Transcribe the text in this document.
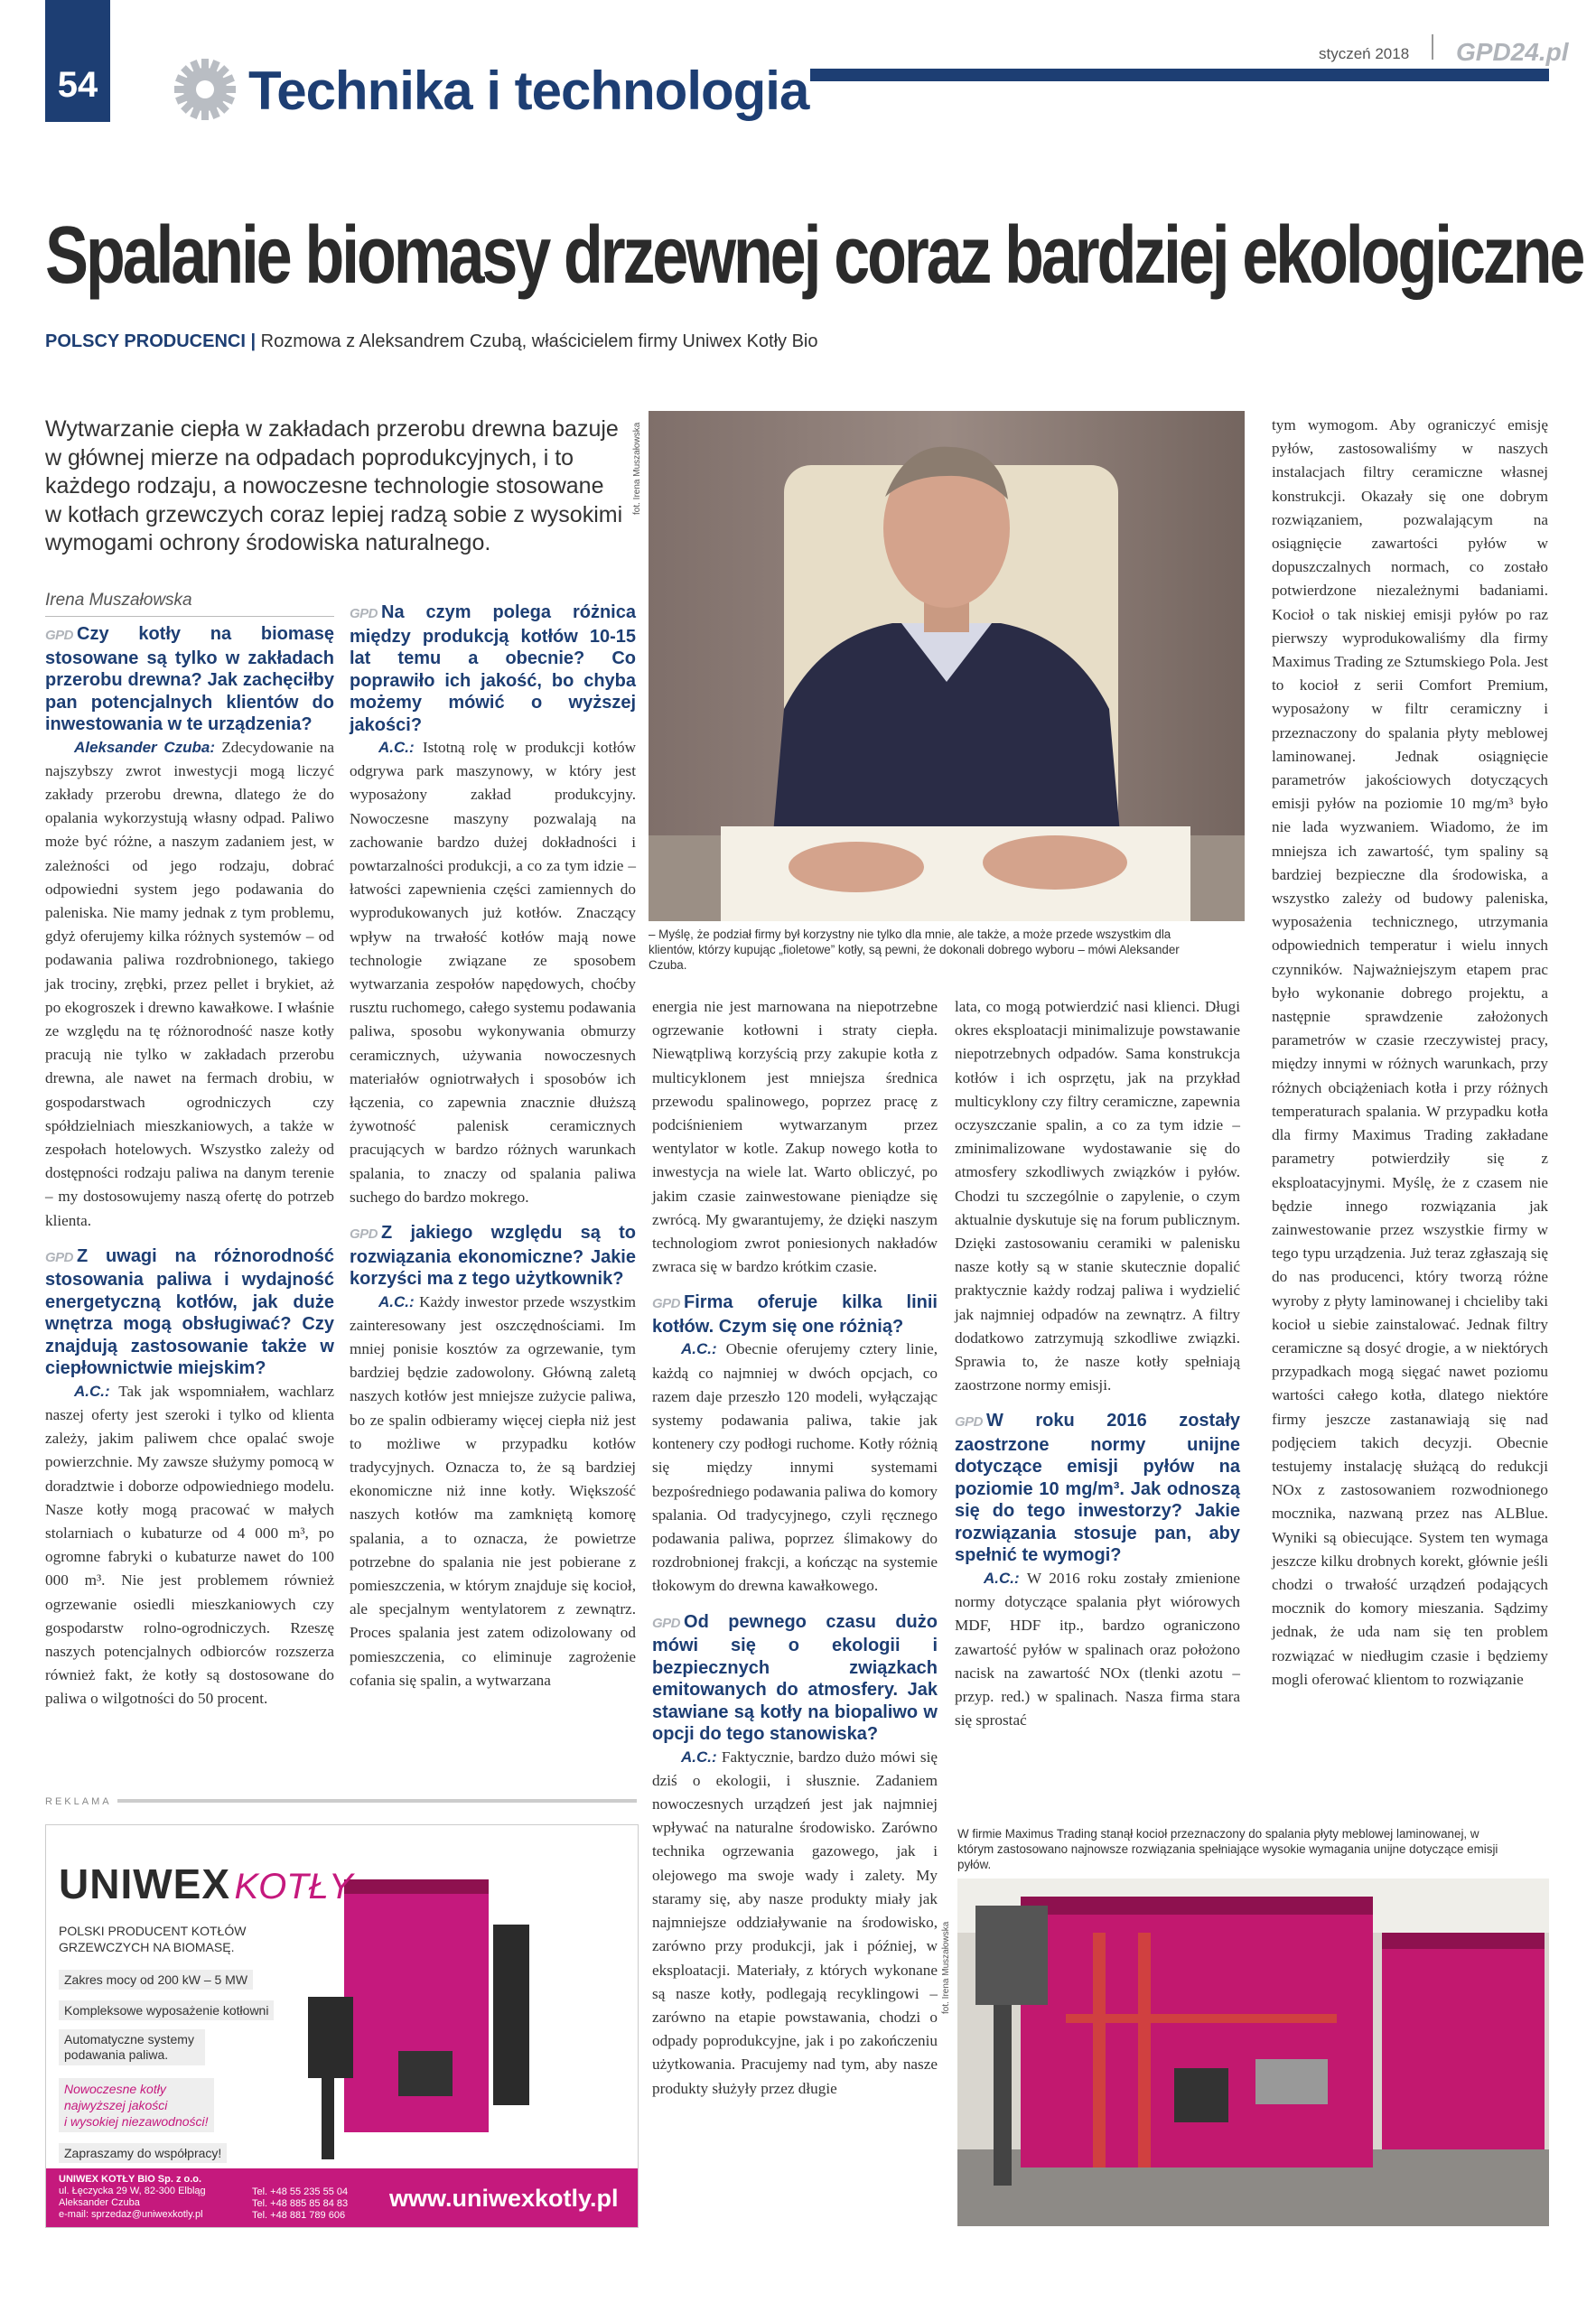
54	Technika i technologia
styczeń 2018 GPD24.pl
Spalanie biomasy drzewnej coraz bardziej ekologiczne
POLSCY PRODUCENCI | Rozmowa z Aleksandrem Czubą, właścicielem firmy Uniwex Kotły Bio
Wytwarzanie ciepła w zakładach przerobu drewna bazuje w głównej mierze na odpadach poprodukcyjnych, i to każdego rodzaju, a nowoczesne technologie stosowane w kotłach grzewczych coraz lepiej radzą sobie z wysokimi wymogami ochrony środowiska naturalnego.
Irena Muszałowska

GPD Czy kotły na biomasę stosowane są tylko w zakładach przerobu drewna? Jak zachęciłby pan potencjalnych klientów do inwestowania w te urządzenia?

Aleksander Czuba: Zdecydowanie na najszybszy zwrot inwestycji mogą liczyć zakłady przerobu drewna, dlatego że do opalania wykorzystują własny odpad. Paliwo może być różne, a naszym zadaniem jest, w zależności od jego rodzaju, dobrać odpowiedni system jego podawania do paleniska. Nie mamy jednak z tym problemu, gdyż oferujemy kilka różnych systemów – od podawania paliwa rozdrobnionego, takiego jak trociny, zrębki, przez pellet i brykiet, aż po ekogroszek i drewno kawałkowe. I właśnie ze względu na tę różnorodność nasze kotły pracują nie tylko w zakładach przerobu drewna, ale nawet na fermach drobiu, w gospodarstwach ogrodniczych czy spółdzielniach mieszkaniowych, a także w zespołach hotelowych. Wszystko zależy od dostępności rodzaju paliwa na danym terenie – my dostosowujemy naszą ofertę do potrzeb klienta.

GPD Z uwagi na różnorodność stosowania paliwa i wydajność energetyczną kotłów, jak duże wnętrza mogą obsługiwać? Czy znajdują zastosowanie także w ciepłownictwie miejskim?

A.C.: Tak jak wspomniałem, wachlarz naszej oferty jest szeroki i tylko od klienta zależy, jakim paliwem chce opalać swoje powierzchnie. My zawsze służymy pomocą w doradztwie i doborze odpowiedniego modelu. Nasze kotły mogą pracować w małych stolarniach o kubaturze od 4 000 m³, po ogromne fabryki o kubaturze nawet do 100 000 m³. Nie jest problemem również ogrzewanie osiedli mieszkaniowych czy gospodarstw rolno-ogrodniczych. Rzeszę naszych potencjalnych odbiorców rozszerza również fakt, że kotły są dostosowane do paliwa o wilgotności do 50 procent.

GPD Na czym polega różnica między produkcją kotłów 10-15 lat temu a obecnie? Co poprawiło ich jakość, bo chyba możemy mówić o wyższej jakości?

A.C.: Istotną rolę w produkcji kotłów odgrywa park maszynowy, w który jest wyposażony zakład produkcyjny. Nowoczesne maszyny pozwalają na zachowanie bardzo dużej dokładności i powtarzalności produkcji, a co za tym idzie – łatwości zapewnienia części zamiennych do wyprodukowanych już kotłów. Znaczący wpływ na trwałość kotłów mają nowe technologie związane ze sposobem wytwarzania zespołów napędowych, choćby rusztu ruchomego, całego systemu podawania paliwa, sposobu wykonywania obmurzy ceramicznych, używania nowoczesnych materiałów ogniotrwałych i sposobów ich łączenia, co zapewnia znacznie dłuższą żywotność palenisk ceramicznych pracujących w bardzo różnych warunkach spalania, to znaczy od spalania paliwa suchego do bardzo mokrego.

GPD Z jakiego względu są to rozwiązania ekonomiczne? Jakie korzyści ma z tego użytkownik?

A.C.: Każdy inwestor przede wszystkim zainteresowany jest oszczędnościami. Im mniej ponisie kosztów za ogrzewanie, tym bardziej będzie zadowolony. Główną zaletą naszych kotłów jest mniejsze zużycie paliwa, bo ze spalin odbieramy więcej ciepła niż jest to możliwe w przypadku kotłów tradycyjnych. Oznacza to, że są bardziej ekonomiczne niż inne kotły. Większość naszych kotłów ma zamkniętą komorę spalania, a to oznacza, że powietrze potrzebne do spalania nie jest pobierane z pomieszczenia, w którym znajduje się kocioł, ale specjalnym wentylatorem z zewnątrz. Proces spalania jest zatem odizolowany od pomieszczenia, co eliminuje zagrożenie cofania się spalin, a wytwarzana

fot. Irena Muszałowska
– Myślę, że podział firmy był korzystny nie tylko dla mnie, ale także, a może przede wszystkim dla klientów, którzy kupując „fioletowe” kotły, są pewni, że dokonali dobrego wyboru – mówi Aleksander Czuba.

energia nie jest marnowana na niepotrzebne ogrzewanie kotłowni i straty ciepła. Niewątpliwą korzyścią przy zakupie kotła z multicyklonem jest mniejsza średnica przewodu spalinowego, poprzez pracę z podciśnieniem wytwarzanym przez wentylator w kotle. Zakup nowego kotła to inwestycja na wiele lat. Warto obliczyć, po jakim czasie zainwestowane pieniądze się zwrócą. My gwarantujemy, że dzięki naszym technologiom zwrot poniesionych nakładów zwraca się w bardzo krótkim czasie.

GPD Firma oferuje kilka linii kotłów. Czym się one różnią?

A.C.: Obecnie oferujemy cztery linie, każdą co najmniej w dwóch opcjach, co razem daje przeszło 120 modeli, wyłączając systemy podawania paliwa, takie jak kontenery czy podłogi ruchome. Kotły różnią się między innymi systemami bezpośredniego podawania paliwa do komory spalania. Od tradycyjnego, czyli ręcznego podawania paliwa, poprzez ślimakowy do rozdrobnionej frakcji, a kończąc na systemie tłokowym do drewna kawałkowego.

GPD Od pewnego czasu dużo mówi się o ekologii i bezpiecznych związkach emitowanych do atmosfery. Jak stawiane są kotły na biopaliwo w opcji do tego stanowiska?

A.C.: Faktycznie, bardzo dużo mówi się dziś o ekologii, i słusznie. Zadaniem nowoczesnych urządzeń jest jak najmniej wpływać na naturalne środowisko. Zarówno technika ogrzewania gazowego, jak i olejowego ma swoje wady i zalety. My staramy się, aby nasze produkty miały jak najmniejsze oddziaływanie na środowisko, zarówno przy produkcji, jak i później, w eksploatacji. Materiały, z których wykonane są nasze kotły, podlegają recyklingowi – zarówno na etapie powstawania, chodzi o odpady poprodukcyjne, jak i po zakończeniu użytkowania. Pracujemy nad tym, aby nasze produkty służyły przez długie

lata, co mogą potwierdzić nasi klienci. Długi okres eksploatacji minimalizuje powstawanie niepotrzebnych odpadów. Sama konstrukcja kotłów i ich osprzętu, jak na przykład multicyklony czy filtry ceramiczne, zapewnia oczyszczanie spalin, a co za tym idzie – zminimalizowane wydostawanie się do atmosfery szkodliwych związków i pyłów. Chodzi tu szczególnie o zapylenie, o czym aktualnie dyskutuje się na forum publicznym. Dzięki zastosowaniu ceramiki w palenisku nasze kotły są w stanie skutecznie dopalić praktycznie każdy rodzaj paliwa i wydzielić jak najmniej odpadów na zewnątrz. A filtry dodatkowo zatrzymują szkodliwe związki. Sprawia to, że nasze kotły spełniają zaostrzone normy emisji.

GPD W roku 2016 zostały zaostrzone normy unijne dotyczące emisji pyłów na poziomie 10 mg/m³. Jak odnoszą się do tego inwestorzy? Jakie rozwiązania stosuje pan, aby spełnić te wymogi?

A.C.: W 2016 roku zostały zmienione normy dotyczące spalania płyt wiórowych MDF, HDF itp., bardzo ograniczono zawartość pyłów w spalinach oraz położono nacisk na zawartość NOx (tlenki azotu – przyp. red.) w spalinach. Nasza firma stara się sprostać

tym wymogom. Aby ograniczyć emisję pyłów, zastosowaliśmy w naszych instalacjach filtry ceramiczne własnej konstrukcji. Okazały się one dobrym rozwiązaniem, pozwalającym na osiągnięcie zawartości pyłów w dopuszczalnych normach, co zostało potwierdzone niezależnymi badaniami. Kocioł o tak niskiej emisji pyłów po raz pierwszy wyprodukowaliśmy dla firmy Maximus Trading ze Sztumskiego Pola. Jest to kocioł z serii Comfort Premium, wyposażony w filtr ceramiczny i przeznaczony do spalania płyty meblowej laminowanej. Jednak osiągnięcie parametrów jakościowych dotyczących emisji pyłów na poziomie 10 mg/m³ było nie lada wyzwaniem. Wiadomo, że im mniejsza ich zawartość, tym spaliny są bardziej bezpieczne dla środowiska, a wszystko zależy od budowy paleniska, wyposażenia technicznego, utrzymania odpowiednich temperatur i wielu innych czynników. Najważniejszym etapem prac było wykonanie dobrego projektu, a następnie sprawdzenie założonych parametrów w czasie rzeczywistej pracy, między innymi w różnych warunkach, przy różnych obciążeniach kotła i przy różnych temperaturach spalania. W przypadku kotła dla firmy Maximus Trading zakładane parametry potwierdziły się z eksploatacyjnymi. Myślę, że z czasem nie będzie innego rozwiązania jak zainwestowanie przez wszystkie firmy w tego typu urządzenia. Już teraz zgłaszają się do nas producenci, który tworzą różne wyroby z płyty laminowanej i chcieliby taki kocioł u siebie zainstalować. Jednak filtry ceramiczne są dosyć drogie, a w niektórych przypadkach mogą sięgać nawet poziomu wartości całego kotła, dlatego niektóre firmy jeszcze zastanawiają się nad podjęciem takich decyzji. Obecnie testujemy instalację służącą do redukcji NOx z zastosowaniem rozwodnionego mocznika, nazwaną przez nas ALBlue. Wyniki są obiecujące. System ten wymaga jeszcze kilku drobnych korekt, głównie jeśli chodzi o trwałość urządzeń podających mocznik do komory mieszania. Sądzimy jednak, że uda nam się ten problem rozwiązać w niedługim czasie i będziemy mogli oferować klientom to rozwiązanie

W firmie Maximus Trading stanął kocioł przeznaczony do spalania płyty meblowej laminowanej, w którym zastosowano najnowsze rozwiązania spełniające wysokie wymagania unijne dotyczące emisji pyłów.
fot. Irena Muszałowska
REKLAMA
UNIWEX KOTŁY
POLSKI PRODUCENT KOTŁÓW
GRZEWCZYCH NA BIOMASĘ.
Zakres mocy od 200 kW – 5 MW
Kompleksowe wyposażenie kotłowni
Automatyczne systemy podawania paliwa.
Nowoczesne kotły
najwyższej jakości
i wysokiej niezawodności!
Zapraszamy do współpracy!
UNIWEX KOTŁY BIO Sp. z o.o.
ul. Łęczycka 29 W, 82-300 Elbląg
Aleksander Czuba
e-mail: sprzedaz@uniwexkotly.pl
Tel. +48 55 235 55 04
Tel. +48 885 85 84 83
Tel. +48 881 789 606
www.uniwexkotly.pl
